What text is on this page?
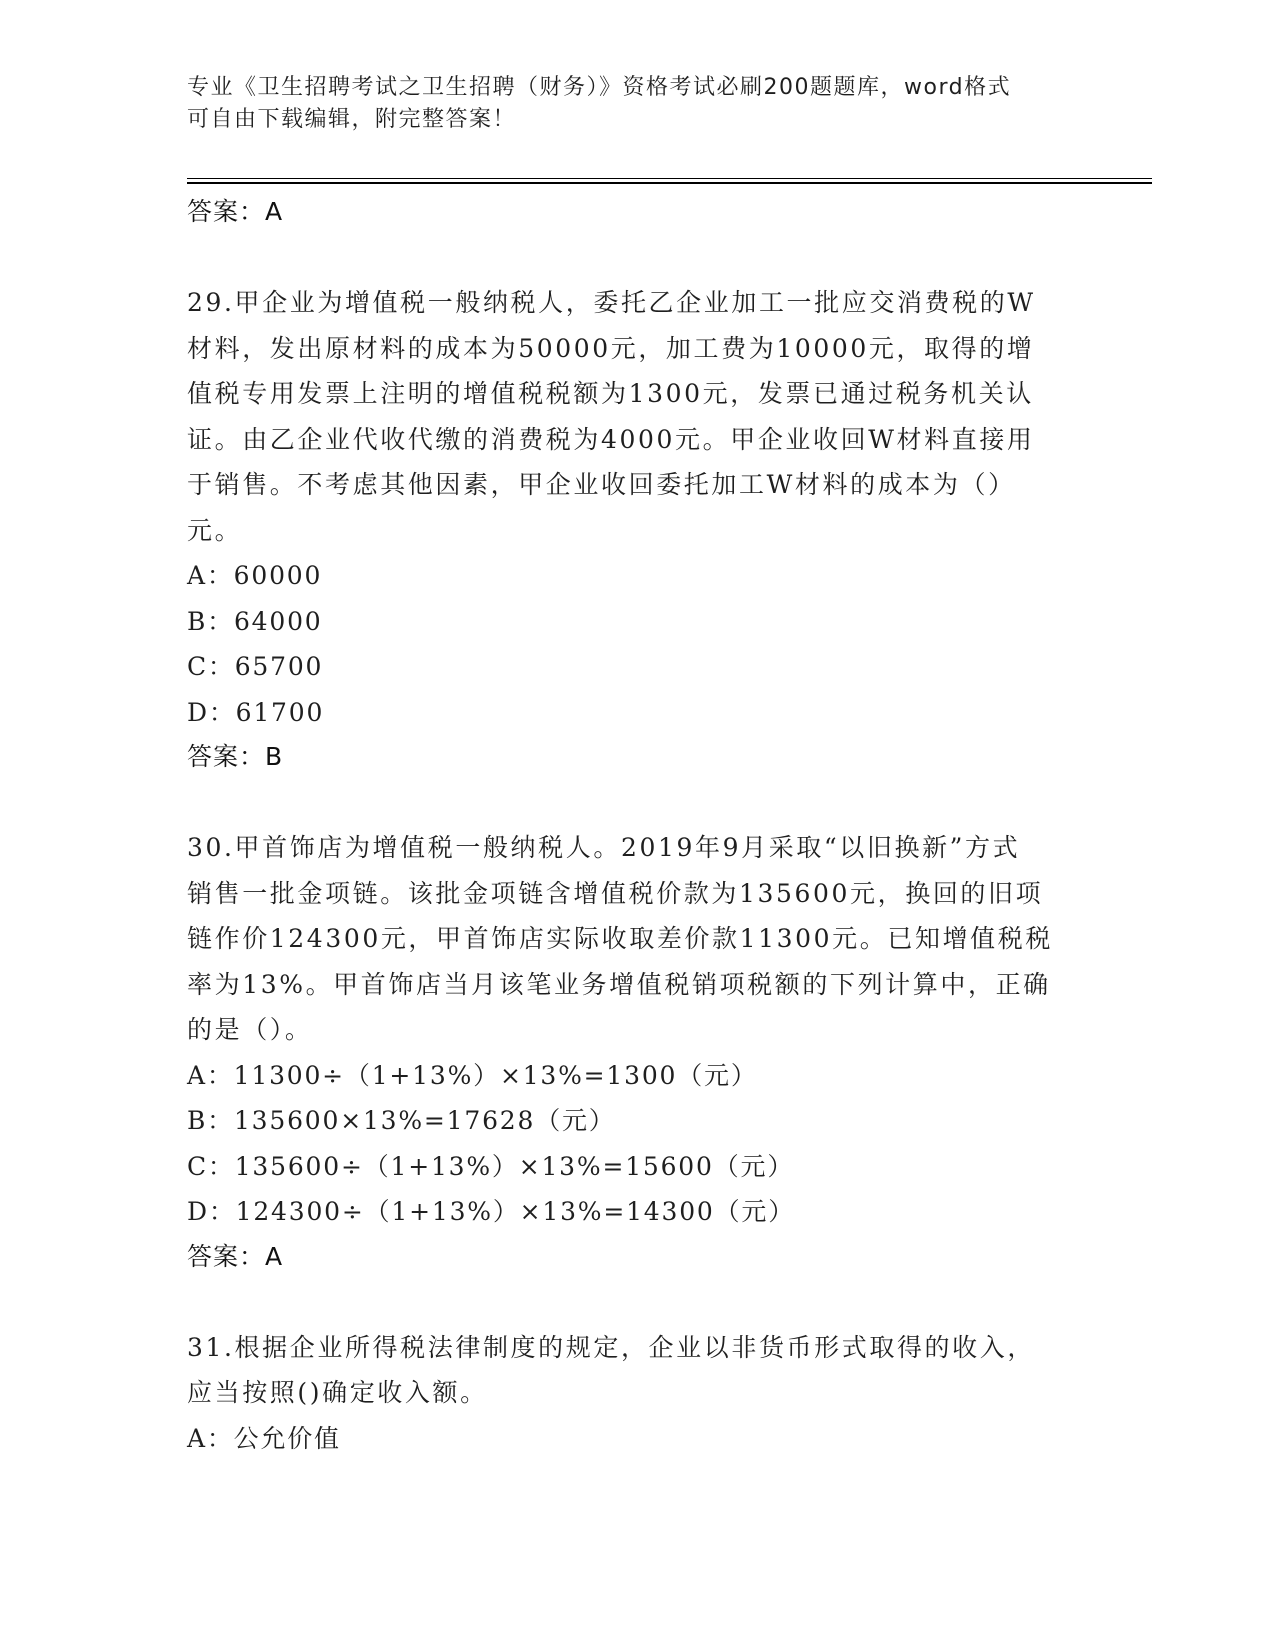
专业《卫生招聘考试之卫生招聘（财务）》资格考试必刷200题题库，word格式
可自由下载编辑，附完整答案！
答案：A
29.甲企业为增值税一般纳税人，委托乙企业加工一批应交消费税的W
材料，发出原材料的成本为50000元，加工费为10000元，取得的增
值税专用发票上注明的增值税税额为1300元，发票已通过税务机关认
证。由乙企业代收代缴的消费税为4000元。甲企业收回W材料直接用
于销售。不考虑其他因素，甲企业收回委托加工W材料的成本为（）
元。
A：60000
B：64000
C：65700
D：61700
答案：B
30.甲首饰店为增值税一般纳税人。2019年9月采取“以旧换新”方式
销售一批金项链。该批金项链含增值税价款为135600元，换回的旧项
链作价124300元，甲首饰店实际收取差价款11300元。已知增值税税
率为13%。甲首饰店当月该笔业务增值税销项税额的下列计算中，正确
的是（）。
A：11300÷（1+13%）×13%=1300（元）
B：135600×13%=17628（元）
C：135600÷（1+13%）×13%=15600（元）
D：124300÷（1+13%）×13%=14300（元）
答案：A
31.根据企业所得税法律制度的规定，企业以非货币形式取得的收入，
应当按照()确定收入额。
A：公允价值
